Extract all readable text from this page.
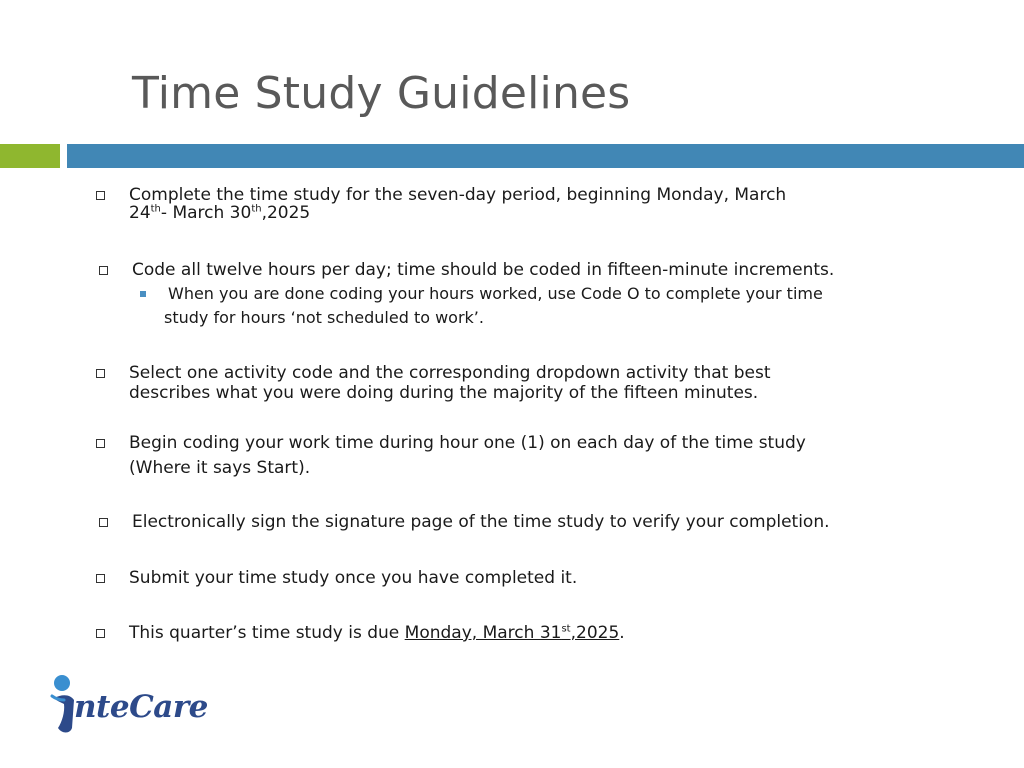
Time Study Guidelines
Complete the time study for the seven-day period, beginning Monday, March
24th- March 30th,2025
Code all twelve hours per day; time should be coded in fifteen-minute increments.
When you are done coding your hours worked, use Code O to complete your time
study for hours ‘not scheduled to work’.
Select one activity code and the corresponding dropdown activity that best
describes what you were doing during the majority of the fifteen minutes.
Begin coding your work time during hour one (1) on each day of the time study
(Where it says Start).
Electronically sign the signature page of the time study to verify your completion.
Submit your time study once you have completed it.
This quarter’s time study is due Monday, March 31st,2025.
nteCare
